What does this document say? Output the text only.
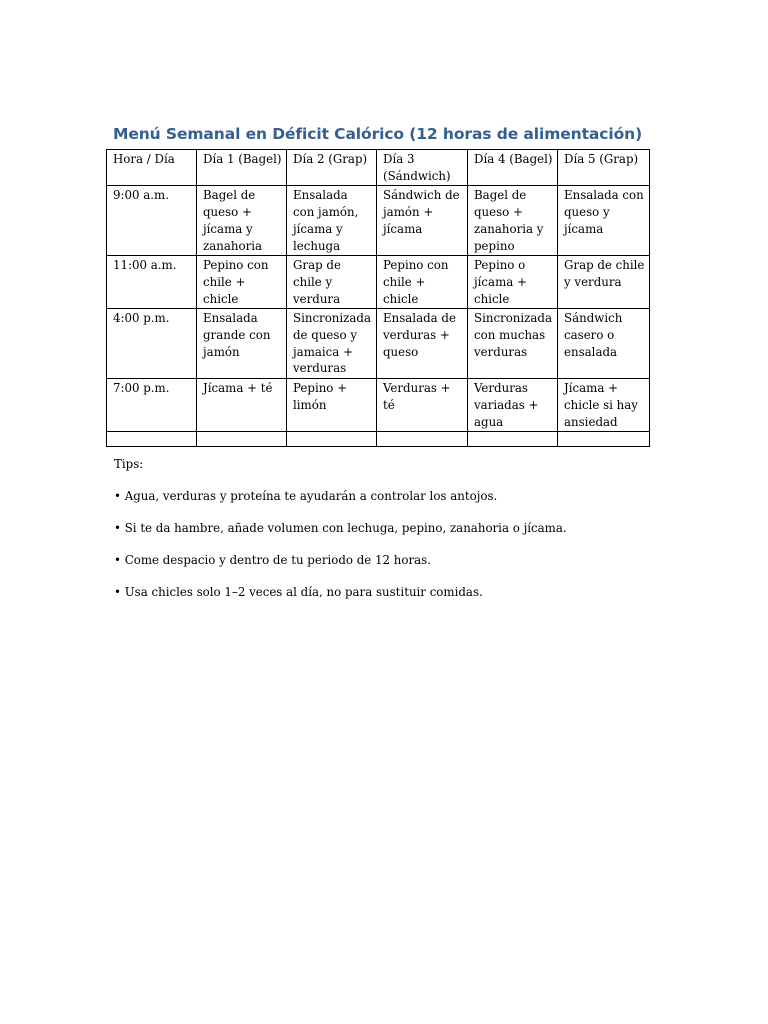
Menú Semanal en Déficit Calórico (12 horas de alimentación)
Hora / Día	Día 1 (Bagel)	Día 2 (Grap)	Día 3 (Sándwich)	Día 4 (Bagel)	Día 5 (Grap)
9:00 a.m.	Bagel de queso + jícama y zanahoria	Ensalada con jamón, jícama y lechuga	Sándwich de jamón + jícama	Bagel de queso + zanahoria y pepino	Ensalada con queso y jícama
11:00 a.m.	Pepino con chile + chicle	Grap de chile y verdura	Pepino con chile + chicle	Pepino o jícama + chicle	Grap de chile y verdura
4:00 p.m.	Ensalada grande con jamón	Sincronizada de queso y jamaica + verduras	Ensalada de verduras + queso	Sincronizada con muchas verduras	Sándwich casero o ensalada
7:00 p.m.	Jícama + té	Pepino + limón	Verduras + té	Verduras variadas + agua	Jícama + chicle si hay ansiedad

Tips:

• Agua, verduras y proteína te ayudarán a controlar los antojos.

• Si te da hambre, añade volumen con lechuga, pepino, zanahoria o jícama.

• Come despacio y dentro de tu periodo de 12 horas.

• Usa chicles solo 1–2 veces al día, no para sustituir comidas.
